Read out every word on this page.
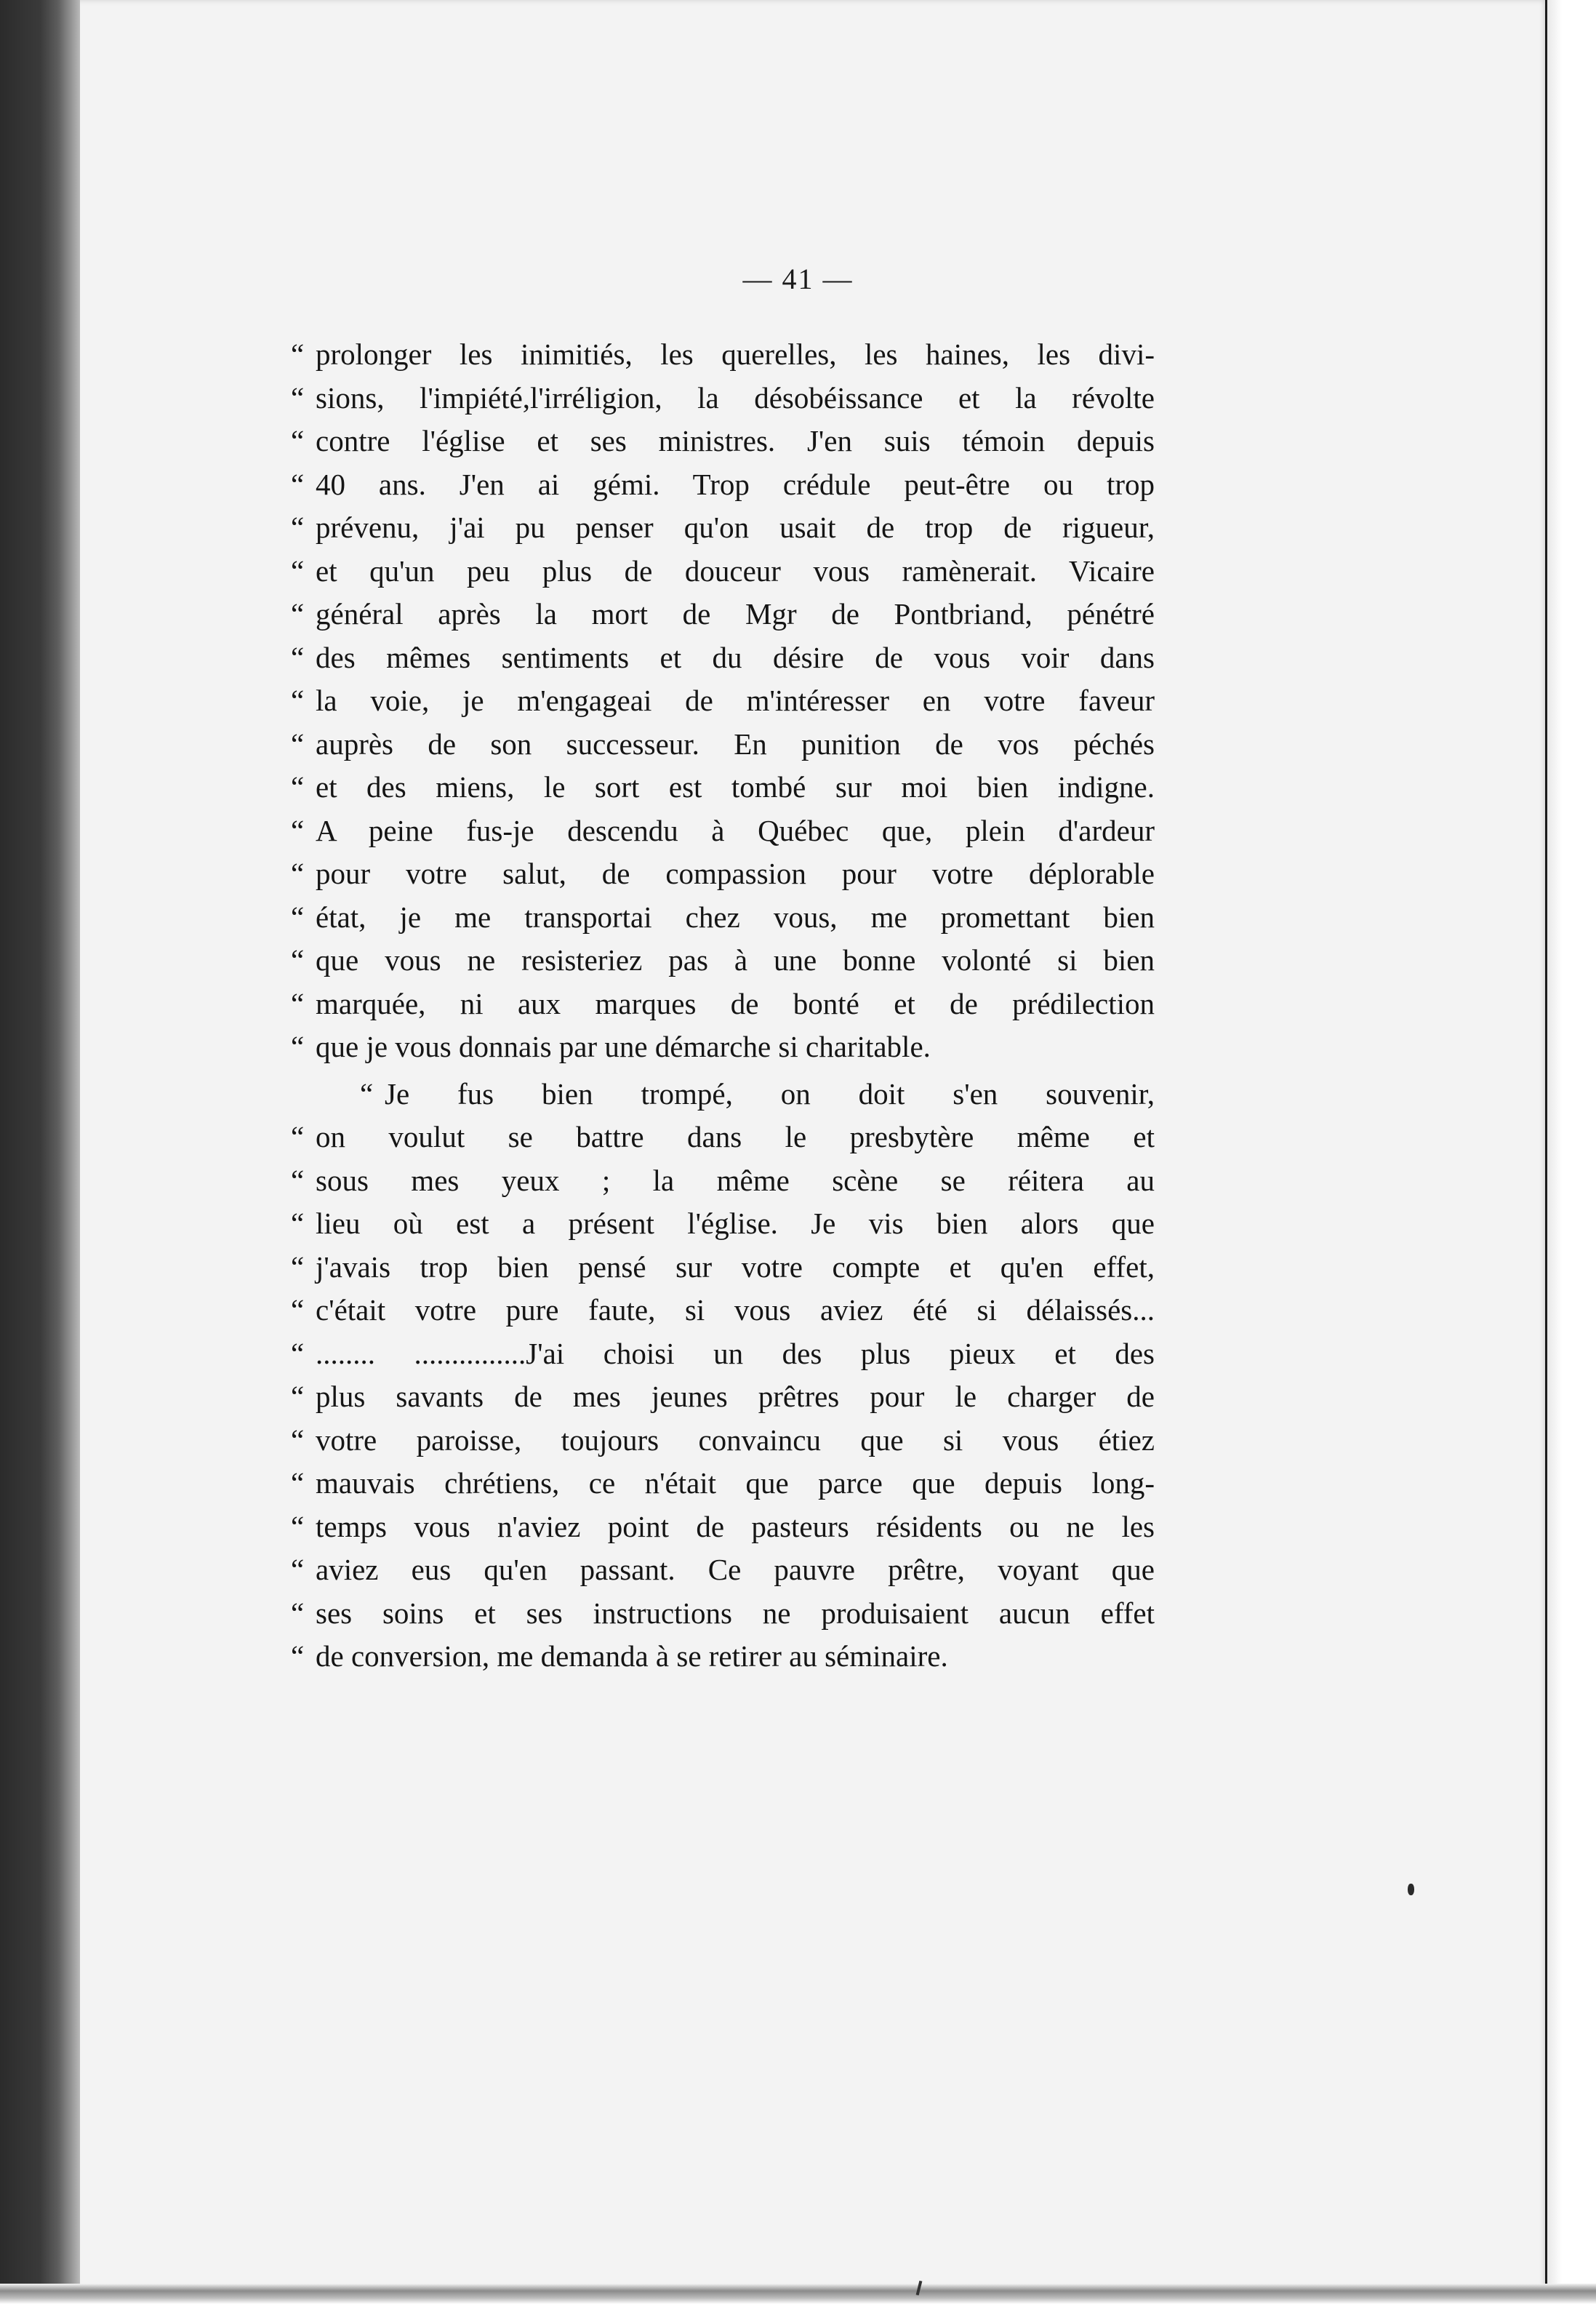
— 41 —
“ prolonger les inimitiés, les querelles, les haines, les divi-
“ sions, l'impiété,l'irréligion, la désobéissance et la révolte
“ contre l'église et ses ministres. J'en suis témoin depuis
“ 40 ans. J'en ai gémi. Trop crédule peut-être ou trop
“ prévenu, j'ai pu penser qu'on usait de trop de rigueur,
“ et qu'un peu plus de douceur vous ramènerait. Vicaire
“ général après la mort de Mgr de Pontbriand, pénétré
“ des mêmes sentiments et du désire de vous voir dans
“ la voie, je m'engageai de m'intéresser en votre faveur
“ auprès de son successeur. En punition de vos péchés
“ et des miens, le sort est tombé sur moi bien indigne.
“ A peine fus-je descendu à Québec que, plein d'ardeur
“ pour votre salut, de compassion pour votre déplorable
“ état, je me transportai chez vous, me promettant bien
“ que vous ne resisteriez pas à une bonne volonté si bien
“ marquée, ni aux marques de bonté et de prédilection
“ que je vous donnais par une démarche si charitable.
“ Je fus bien trompé, on doit s'en souvenir,
“ on voulut se battre dans le presbytère même et
“ sous mes yeux ; la même scène se réitera au
“ lieu où est a présent l'église. Je vis bien alors que
“ j'avais trop bien pensé sur votre compte et qu'en effet,
“ c'était votre pure faute, si vous aviez été si délaissés...
“ ........ ...............J'ai choisi un des plus pieux et des
“ plus savants de mes jeunes prêtres pour le charger de
“ votre paroisse, toujours convaincu que si vous étiez
“ mauvais chrétiens, ce n'était que parce que depuis long-
“ temps vous n'aviez point de pasteurs résidents ou ne les
“ aviez eus qu'en passant. Ce pauvre prêtre, voyant que
“ ses soins et ses instructions ne produisaient aucun effet
“ de conversion, me demanda à se retirer au séminaire.
